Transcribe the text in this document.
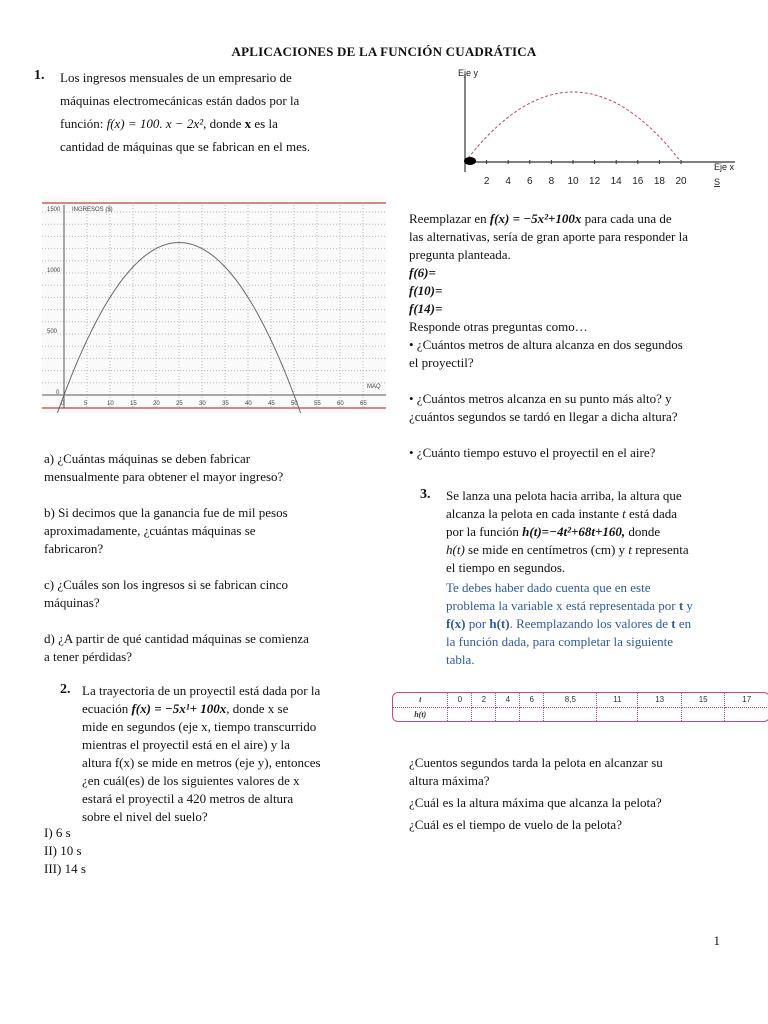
APLICACIONES DE LA FUNCIÓN CUADRÁTICA
1. Los ingresos mensuales de un empresario de

máquinas electromecánicas están dados por la

función: f(x) = 100. x − 2x², donde x es la

cantidad de máquinas que se fabrican en el mes.

1500 INGRESOS ($)
1000
500
0
MAQ
0	5	10	15	20	25	30	35	40	45	50	55	60	65

a) ¿Cuántas máquinas se deben fabricar

mensualmente para obtener el mayor ingreso?

b) Si decimos que la ganancia fue de mil pesos

aproximadamente, ¿cuántas máquinas se

fabricaron?

c) ¿Cuáles son los ingresos si se fabrican cinco

máquinas?

d) ¿A partir de qué cantidad máquinas se comienza

a tener pérdidas?

2. La trayectoria de un proyectil está dada por la

ecuación f(x) = −5x¹+ 100x, donde x se

mide en segundos (eje x, tiempo transcurrido

mientras el proyectil está en el aire) y la

altura f(x) se mide en metros (eje y), entonces

¿en cuál(es) de los siguientes valores de x

estará el proyectil a 420 metros de altura

sobre el nivel del suelo?

I) 6 s

II) 10 s

III) 14 s

Eje y
Eje x
S
2 4 6 8 10 12 14 16 18 20

Reemplazar en f(x) = −5x²+100x para cada una de

las alternativas, sería de gran aporte para responder la

pregunta planteada.

f(6)=

f(10)=

f(14)=

Responde otras preguntas como…

• ¿Cuántos metros de altura alcanza en dos segundos

el proyectil?

• ¿Cuántos metros alcanza en su punto más alto? y

¿cuántos segundos se tardó en llegar a dicha altura?

• ¿Cuánto tiempo estuvo el proyectil en el aire?

3. Se lanza una pelota hacia arriba, la altura que

alcanza la pelota en cada instante t está dada

por la función h(t)=−4t²+68t+160, donde

h(t) se mide en centímetros (cm) y t representa

el tiempo en segundos.

Te debes haber dado cuenta que en este

problema la variable x está representada por t y

f(x) por h(t). Reemplazando los valores de t en

la función dada, para completar la siguiente

tabla.

t	0	2	4	6	8,5	11	13	15	17
h(t)									

¿Cuentos segundos tarda la pelota en alcanzar su

altura máxima?

¿Cuál es la altura máxima que alcanza la pelota?

¿Cuál es el tiempo de vuelo de la pelota?

1
